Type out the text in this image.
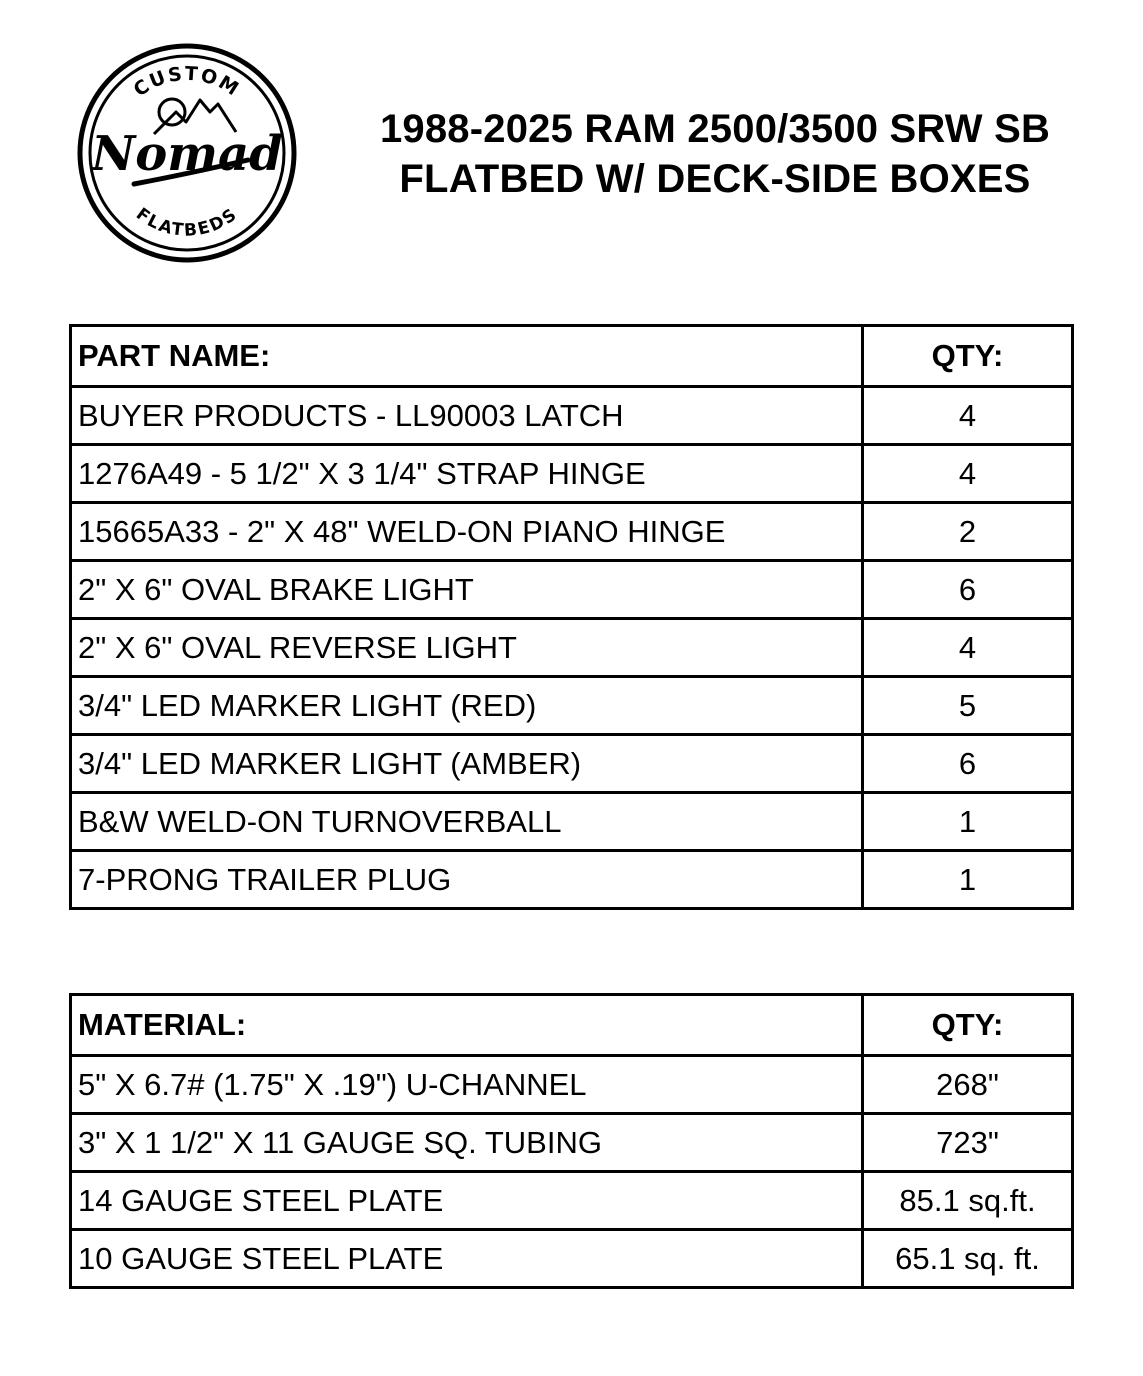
CUSTOM
Nomad
FLATBEDS
1988-2025 RAM 2500/3500 SRW SB
FLATBED W/ DECK-SIDE BOXES
PART NAME:	QTY:
BUYER PRODUCTS - LL90003 LATCH	4
1276A49 - 5 1/2" X 3 1/4" STRAP HINGE	4
15665A33 - 2" X 48" WELD-ON PIANO HINGE	2
2" X 6" OVAL BRAKE LIGHT	6
2" X 6" OVAL REVERSE LIGHT	4
3/4" LED MARKER LIGHT (RED)	5
3/4" LED MARKER LIGHT (AMBER)	6
B&W WELD-ON TURNOVERBALL	1
7-PRONG TRAILER PLUG	1
MATERIAL:	QTY:
5" X 6.7# (1.75" X .19") U-CHANNEL	268"
3" X 1 1/2" X 11 GAUGE SQ. TUBING	723"
14 GAUGE STEEL PLATE	85.1 sq.ft.
10 GAUGE STEEL PLATE	65.1 sq. ft.
